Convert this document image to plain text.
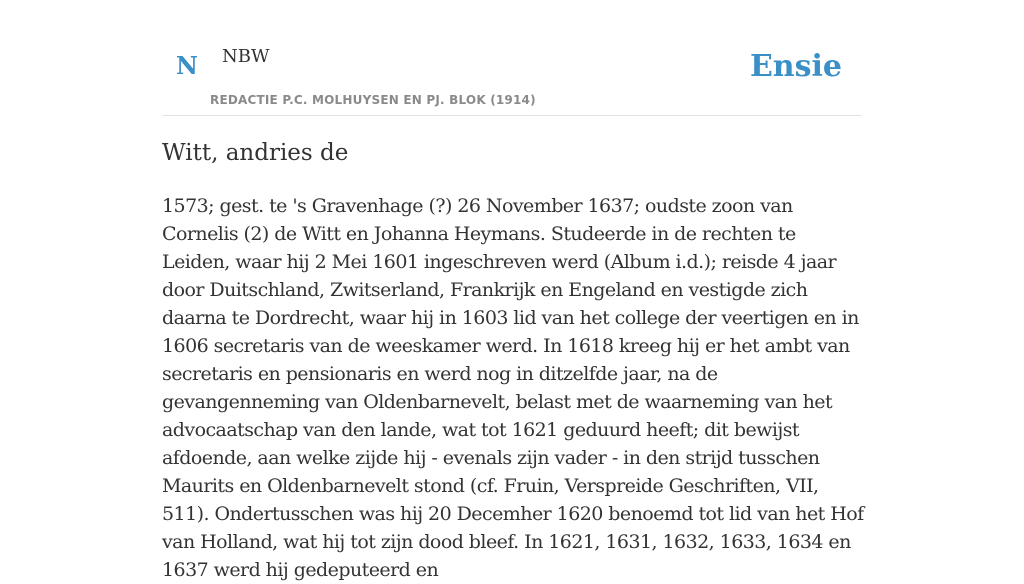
N NBW
REDACTIE P.C. MOLHUYSEN EN PJ. BLOK (1914)
Ensie
Witt, andries de

1573; gest. te 's Gravenhage (?) 26 November 1637; oudste zoon van Cornelis (2) de Witt en Johanna Heymans. Studeerde in de rechten te Leiden, waar hij 2 Mei 1601 ingeschreven werd (Album i.d.); reisde 4 jaar door Duitschland, Zwitserland, Frankrijk en Engeland en vestigde zich daarna te Dordrecht, waar hij in 1603 lid van het college der veertigen en in 1606 secretaris van de weeskamer werd. In 1618 kreeg hij er het ambt van secretaris en pensionaris en werd nog in ditzelfde jaar, na de gevangenneming van Oldenbarnevelt, belast met de waarneming van het advocaatschap van den lande, wat tot 1621 geduurd heeft; dit bewijst afdoende, aan welke zijde hij - evenals zijn vader - in den strijd tusschen Maurits en Oldenbarnevelt stond (cf. Fruin, Verspreide Geschriften, VII, 511). Ondertusschen was hij 20 Decemher 1620 benoemd tot lid van het Hof van Holland, wat hij tot zijn dood bleef. In 1621, 1631, 1632, 1633, 1634 en 1637 werd hij gedeputeerd en
